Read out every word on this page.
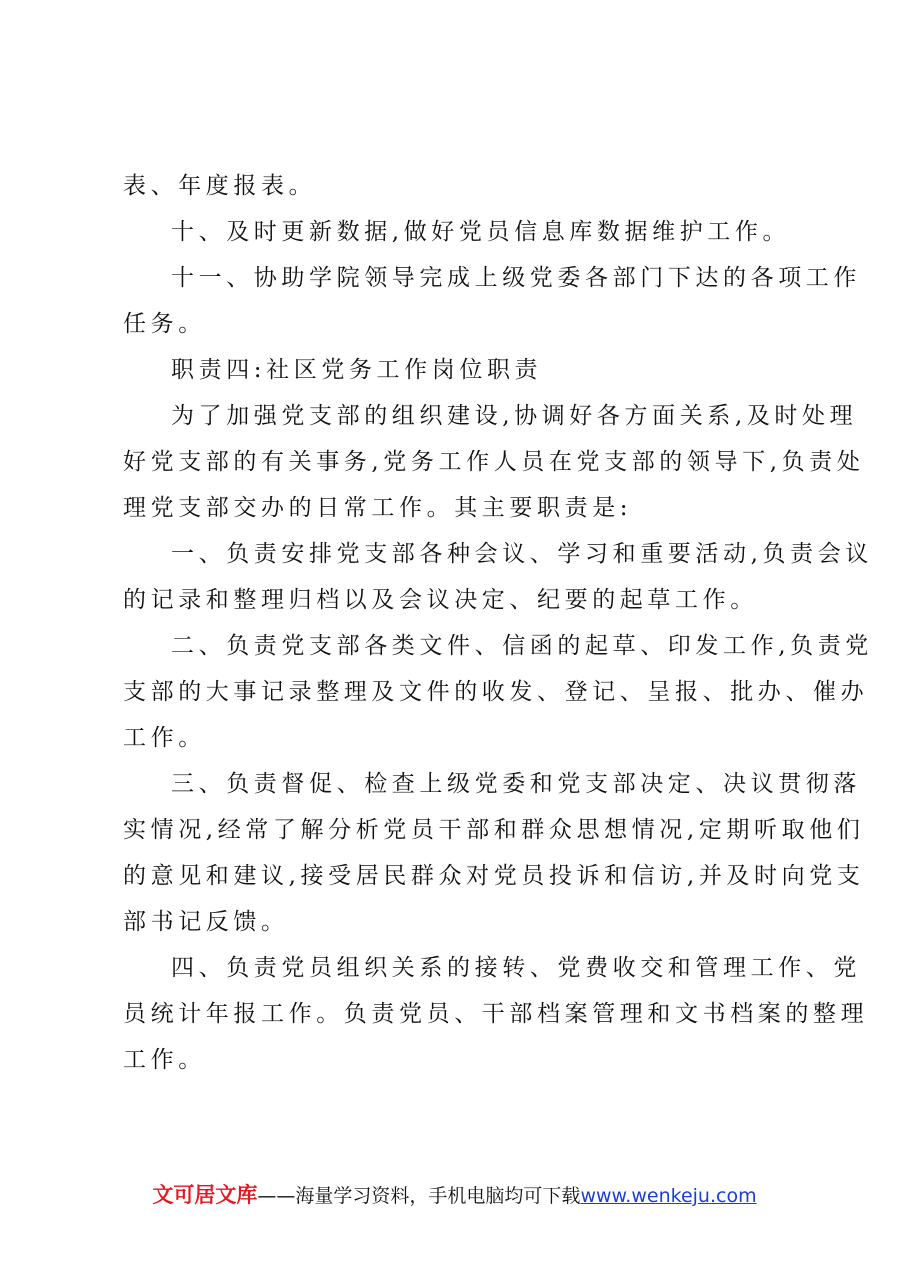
表、年度报表。
十、及时更新数据,做好党员信息库数据维护工作。
十一、协助学院领导完成上级党委各部门下达的各项工作
任务。
职责四:社区党务工作岗位职责
为了加强党支部的组织建设,协调好各方面关系,及时处理
好党支部的有关事务,党务工作人员在党支部的领导下,负责处
理党支部交办的日常工作。其主要职责是:
一、负责安排党支部各种会议、学习和重要活动,负责会议
的记录和整理归档以及会议决定、纪要的起草工作。
二、负责党支部各类文件、信函的起草、印发工作,负责党
支部的大事记录整理及文件的收发、登记、呈报、批办、催办
工作。
三、负责督促、检查上级党委和党支部决定、决议贯彻落
实情况,经常了解分析党员干部和群众思想情况,定期听取他们
的意见和建议,接受居民群众对党员投诉和信访,并及时向党支
部书记反馈。
四、负责党员组织关系的接转、党费收交和管理工作、党
员统计年报工作。负责党员、干部档案管理和文书档案的整理
工作。
文可居文库——海量学习资料，手机电脑均可下载www.wenkeju.com
